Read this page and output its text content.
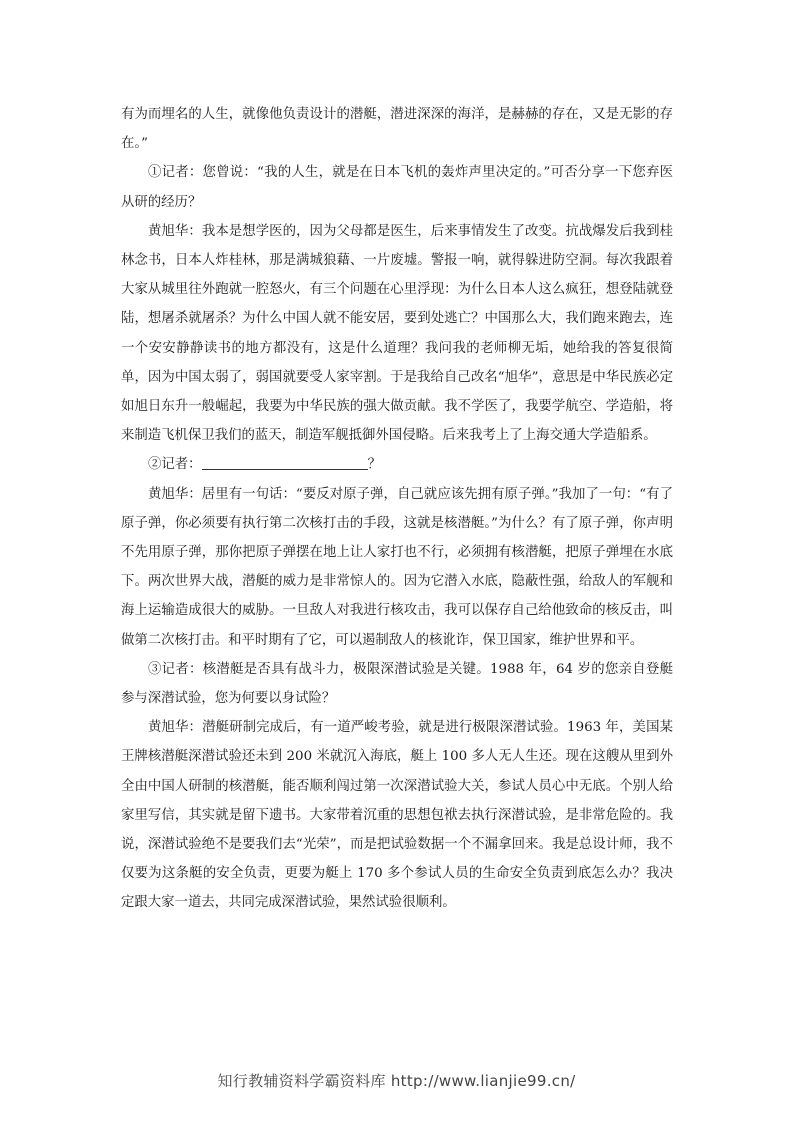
有为而埋名的人生，就像他负责设计的潜艇，潜进深深的海洋，是赫赫的存在，又是无影的存在。”

①记者：您曾说：“我的人生，就是在日本飞机的轰炸声里决定的。”可否分享一下您弃医从研的经历？

黄旭华：我本是想学医的，因为父母都是医生，后来事情发生了改变。抗战爆发后我到桂林念书，日本人炸桂林，那是满城狼藉、一片废墟。警报一响，就得躲进防空洞。每次我跟着大家从城里往外跑就一腔怒火，有三个问题在心里浮现：为什么日本人这么疯狂，想登陆就登陆，想屠杀就屠杀？为什么中国人就不能安居，要到处逃亡？中国那么大，我们跑来跑去，连一个安安静静读书的地方都没有，这是什么道理？我问我的老师柳无垢，她给我的答复很简单，因为中国太弱了，弱国就要受人家宰割。于是我给自己改名“旭华”，意思是中华民族必定如旭日东升一般崛起，我要为中华民族的强大做贡献。我不学医了，我要学航空、学造船，将来制造飞机保卫我们的蓝天，制造军舰抵御外国侵略。后来我考上了上海交通大学造船系。

②记者：	？

黄旭华：居里有一句话：“要反对原子弹，自己就应该先拥有原子弹。”我加了一句：“有了原子弹，你必须要有执行第二次核打击的手段，这就是核潜艇。”为什么？有了原子弹，你声明不先用原子弹，那你把原子弹摆在地上让人家打也不行，必须拥有核潜艇，把原子弹埋在水底下。两次世界大战，潜艇的威力是非常惊人的。因为它潜入水底，隐蔽性强，给敌人的军舰和海上运输造成很大的威胁。一旦敌人对我进行核攻击，我可以保存自己给他致命的核反击，叫做第二次核打击。和平时期有了它，可以遏制敌人的核讹诈，保卫国家，维护世界和平。

③记者：核潜艇是否具有战斗力，极限深潜试验是关键。1988 年，64 岁的您亲自登艇参与深潜试验，您为何要以身试险？

黄旭华：潜艇研制完成后，有一道严峻考验，就是进行极限深潜试验。1963 年，美国某王牌核潜艇深潜试验还未到 200 米就沉入海底，艇上 100 多人无人生还。现在这艘从里到外全由中国人研制的核潜艇，能否顺利闯过第一次深潜试验大关，参试人员心中无底。个别人给家里写信，其实就是留下遗书。大家带着沉重的思想包袱去执行深潜试验，是非常危险的。我说，深潜试验绝不是要我们去“光荣”，而是把试验数据一个不漏拿回来。我是总设计师，我不仅要为这条艇的安全负责，更要为艇上 170 多个参试人员的生命安全负责到底怎么办？我决定跟大家一道去，共同完成深潜试验，果然试验很顺利。

知行教辅资料学霸资料库 http://www.lianjie99.cn/
